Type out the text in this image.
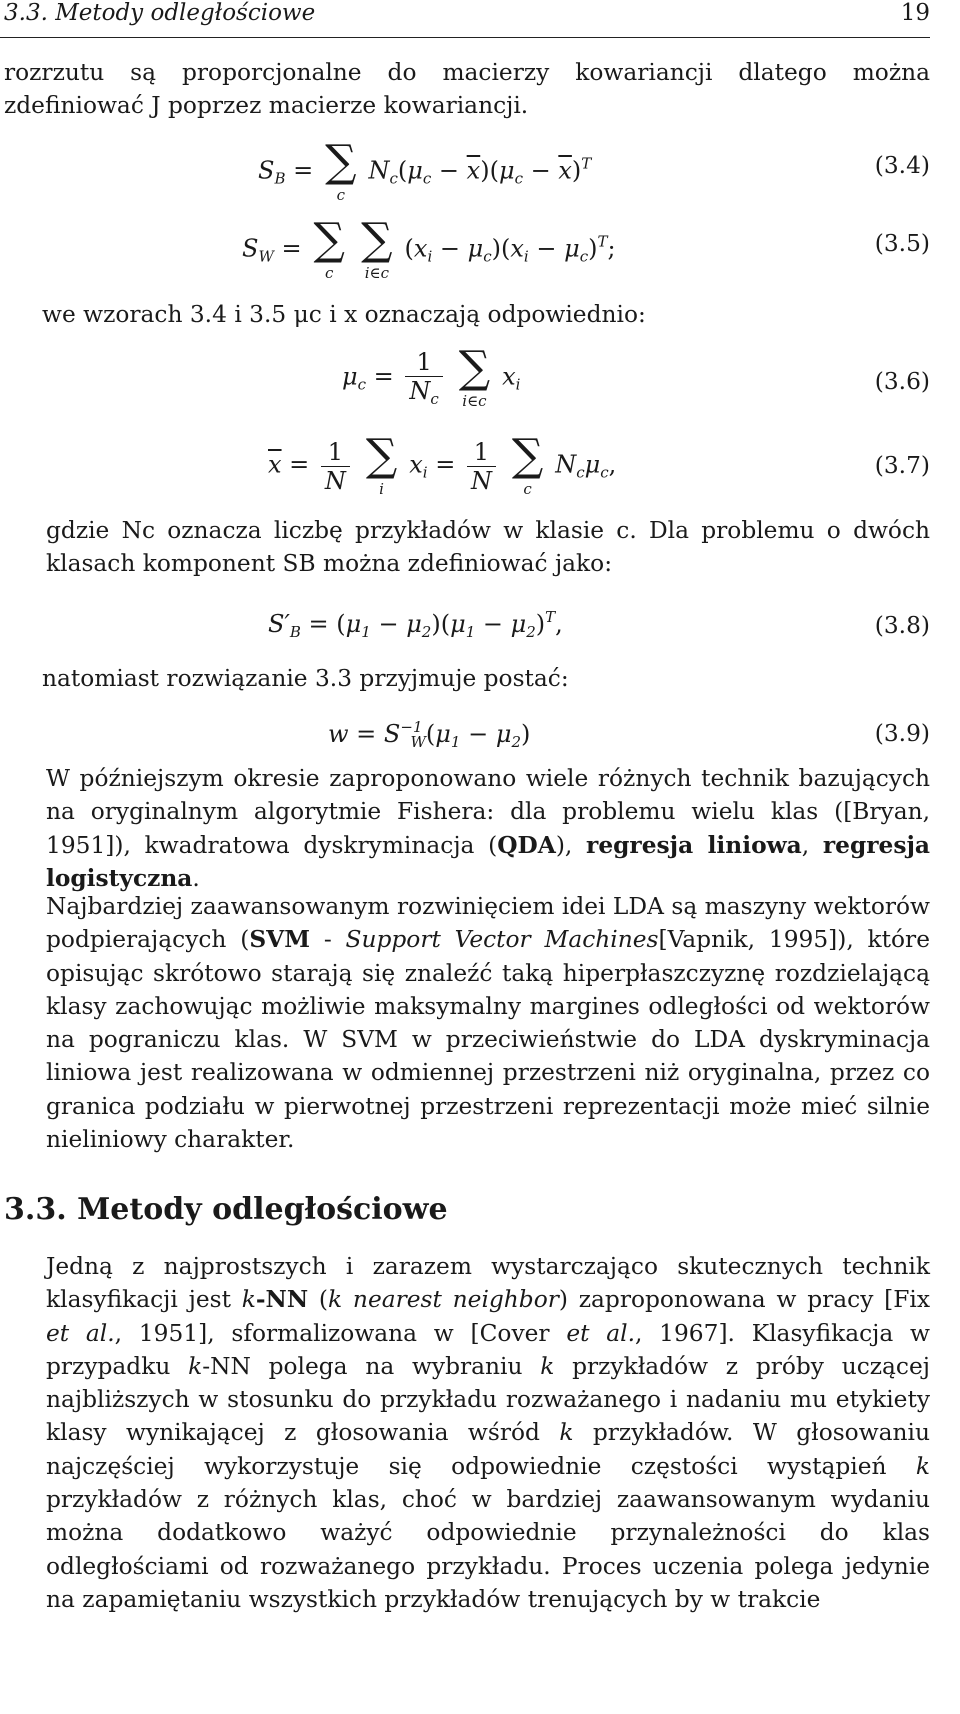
3.3. Metody odległościowe	19

rozrzutu są proporcjonalne do macierzy kowariancji dlatego można zdefiniować J poprzez macierze kowariancji.

$S_B$ = ∑
c
$N_c(\mu_c - \overline{x})(\mu_c - \overline{x})^T$	(3.4)
$S_W$ = ∑
c

∑
i∈c
$(x_i - \mu_c)(x_i - \mu_c)^T$;	(3.5)

we wzorach 3.4 i 3.5 μc i x oznaczają odpowiednio:

$\mu_c = \frac{1}{N_c}$
∑
i∈c
$x_i$	(3.6)
$\overline{x} = \frac{1}{N}$
∑
i
$x_i = \frac{1}{N}$
∑
c
$N_c\mu_c$,	(3.7)

gdzie Nc oznacza liczbę przykładów w klasie c. Dla problemu o dwóch klasach komponent SB można zdefiniować jako:

$S'_B = (\mu_1 - \mu_2)(\mu_1 - \mu_2)^T$,	(3.8)

natomiast rozwiązanie 3.3 przyjmuje postać:

$w = S^{-1}_W(\mu_1 - \mu_2)$	(3.9)

W późniejszym okresie zaproponowano wiele różnych technik bazujących na oryginalnym algorytmie Fishera: dla problemu wielu klas ([Bryan, 1951]), kwadratowa dyskryminacja (QDA), regresja liniowa, regresja logistyczna.

Najbardziej zaawansowanym rozwinięciem idei LDA są maszyny wektorów podpierających (SVM - Support Vector Machines[Vapnik, 1995]), które opisując skrótowo starają się znaleźć taką hiperpłaszczyznę rozdzielającą klasy zachowując możliwie maksymalny margines odległości od wektorów na pograniczu klas. W SVM w przeciwieństwie do LDA dyskryminacja liniowa jest realizowana w odmiennej przestrzeni niż oryginalna, przez co granica podziału w pierwotnej przestrzeni reprezentacji może mieć silnie nieliniowy charakter.

3.3. Metody odległościowe

Jedną z najprostszych i zarazem wystarczająco skutecznych technik klasyfikacji jest k-NN (k nearest neighbor) zaproponowana w pracy [Fix et al., 1951], sformalizowana w [Cover et al., 1967]. Klasyfikacja w przypadku k-NN polega na wybraniu k przykładów z próby uczącej najbliższych w stosunku do przykładu rozważanego i nadaniu mu etykiety klasy wynikającej z głosowania wśród k przykładów. W głosowaniu najczęściej wykorzystuje się odpowiednie częstości wystąpień k przykładów z różnych klas, choć w bardziej zaawansowanym wydaniu można dodatkowo ważyć odpowiednie przynależności do klas odległościami od rozważanego przykładu. Proces uczenia polega jedynie na zapamiętaniu wszystkich przykładów trenujących by w trakcie
